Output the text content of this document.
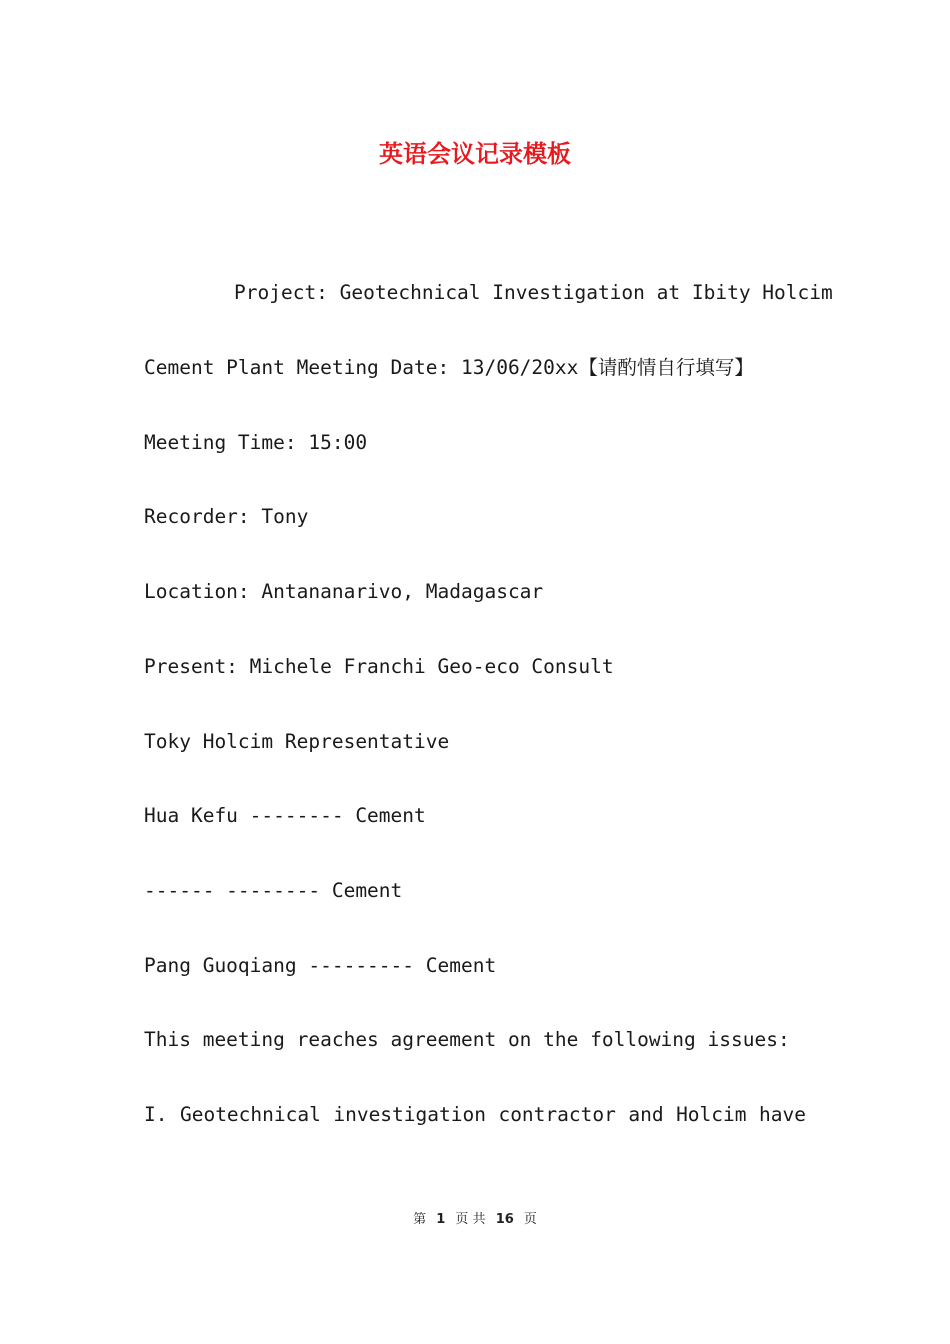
英语会议记录模板
Project: Geotechnical Investigation at Ibity Holcim
Cement Plant Meeting Date: 13/06/20xx【请酌情自行填写】
Meeting Time: 15:00
Recorder: Tony
Location: Antananarivo, Madagascar
Present: Michele Franchi Geo-eco Consult
Toky Holcim Representative
Hua Kefu -------- Cement
------ -------- Cement
Pang Guoqiang --------- Cement
This meeting reaches agreement on the following issues:
I. Geotechnical investigation contractor and Holcim have
第 1 页 共 16 页
